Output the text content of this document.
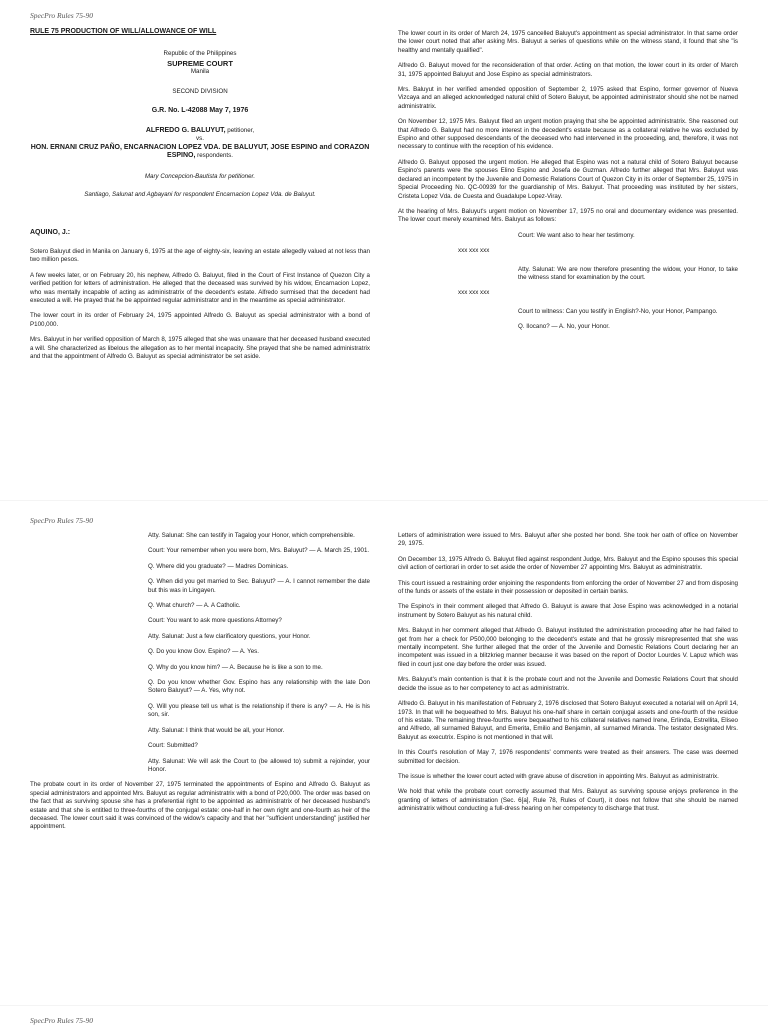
SpecPro Rules 75-90

RULE 75 PRODUCTION OF WILL/ALLOWANCE OF WILL

Republic of the Philippines

SUPREME COURT

Manila

SECOND DIVISION

G.R. No. L-42088 May 7, 1976

ALFREDO G. BALUYUT, petitioner,

vs.

HON. ERNANI CRUZ PAÑO, ENCARNACION LOPEZ VDA. DE BALUYUT, JOSE ESPINO and CORAZON ESPINO, respondents.

Mary Concepcion-Bautista for petitioner.

Santiago, Salunat and Agbayani for respondent Encarnacion Lopez Vda. de Baluyut.

AQUINO, J.:

Sotero Baluyut died in Manila on January 6, 1975 at the age of eighty-six, leaving an estate allegedly valued at not less than two million pesos.

A few weeks later, or on February 20, his nephew, Alfredo G. Baluyut, filed in the Court of First Instance of Quezon City a verified petition for letters of administration. He alleged that the deceased was survived by his widow, Encarnacion Lopez, who was mentally incapable of acting as administratrix of the decedent's estate. Alfredo surmised that the decedent had executed a will. He prayed that he be appointed regular administrator and in the meantime as special administrator.

The lower court in its order of February 24, 1975 appointed Alfredo G. Baluyut as special administrator with a bond of P100,000.

Mrs. Baluyut in her verified opposition of March 8, 1975 alleged that she was unaware that her deceased husband executed a will. She characterized as libelous the allegation as to her mental incapacity. She prayed that she be named administratrix and that the appointment of Alfredo G. Baluyut as special administrator be set aside.

The lower court in its order of March 24, 1975 cancelled Baluyut's appointment as special administrator. In that same order the lower court noted that after asking Mrs. Baluyut a series of questions while on the witness stand, it found that she "is healthy and mentally qualified".

Alfredo G. Baluyut moved for the reconsideration of that order. Acting on that motion, the lower court in its order of March 31, 1975 appointed Baluyut and Jose Espino as special administrators.

Mrs. Baluyut in her verified amended opposition of September 2, 1975 asked that Espino, former governor of Nueva Vizcaya and an alleged acknowledged natural child of Sotero Baluyut, be appointed administrator should she not be named administratrix.

On November 12, 1975 Mrs. Baluyut filed an urgent motion praying that she be appointed administratrix. She reasoned out that Alfredo G. Baluyut had no more interest in the decedent's estate because as a collateral relative he was excluded by Espino and other supposed descendants of the deceased who had intervened in the proceeding, and, therefore, it was not necessary to continue with the reception of his evidence.

Alfredo G. Baluyut opposed the urgent motion. He alleged that Espino was not a natural child of Sotero Baluyut because Espino's parents were the spouses Elino Espino and Josefa de Guzman. Alfredo further alleged that Mrs. Baluyut was declared an incompetent by the Juvenile and Domestic Relations Court of Quezon City in its order of September 25, 1975 in Special Proceeding No. QC-00939 for the guardianship of Mrs. Baluyut. That proceeding was instituted by her sisters, Cristeta Lopez Vda. de Cuesta and Guadalupe Lopez-Viray.

At the hearing of Mrs. Baluyut's urgent motion on November 17, 1975 no oral and documentary evidence was presented. The lower court merely examined Mrs. Baluyut as follows:

Court: We want also to hear her testimony.

xxx xxx xxx

Atty. Salunat: We are now therefore presenting the widow, your Honor, to take the witness stand for examination by the court.

xxx xxx xxx

Court to witness: Can you testify in English?-No, your Honor, Pampango.

Q. Ilocano? — A. No, your Honor.

SpecPro Rules 75-90

Atty. Salunat: She can testify in Tagalog your Honor, which comprehensible.

Court: Your remember when you were born, Mrs. Baluyut? — A. March 25, 1901.

Q. Where did you graduate? — Madres Dominicas.

Q. When did you get married to Sec. Baluyut? — A. I cannot remember the date but this was in Lingayen.

Q. What church? — A. A Catholic.

Court: You want to ask more questions Attorney?

Atty. Salunat: Just a few clarificatory questions, your Honor.

Q. Do you know Gov. Espino? — A. Yes.

Q. Why do you know him? — A. Because he is like a son to me.

Q. Do you know whether Gov. Espino has any relationship with the late Don Sotero Baluyut? — A. Yes, why not.

Q. Will you please tell us what is the relationship if there is any? — A. He is his son, sir.

Atty. Salunat: I think that would be all, your Honor.

Court: Submitted?

Atty. Salunat: We will ask the Court to (be allowed to) submit a rejoinder, your Honor.

The probate court in its order of November 27, 1975 terminated the appointments of Espino and Alfredo G. Baluyut as special administrators and appointed Mrs. Baluyut as regular administratrix with a bond of P20,000. The order was based on the fact that as surviving spouse she has a preferential right to be appointed as administratrix of her deceased husband's estate and that she is entitled to three-fourths of the conjugal estate: one-half in her own right and one-fourth as heir of the deceased. The lower court said it was convinced of the widow's capacity and that her "sufficient understanding" justified her appointment.

Letters of administration were issued to Mrs. Baluyut after she posted her bond. She took her oath of office on November 29, 1975.

On December 13, 1975 Alfredo G. Baluyut filed against respondent Judge, Mrs. Baluyut and the Espino spouses this special civil action of certiorari in order to set aside the order of November 27 appointing Mrs. Baluyut as administratrix.

This court issued a restraining order enjoining the respondents from enforcing the order of November 27 and from disposing of the funds or assets of the estate in their possession or deposited in certain banks.

The Espino's in their comment alleged that Alfredo G. Baluyut is aware that Jose Espino was acknowledged in a notarial instrument by Sotero Baluyut as his natural child.

Mrs. Baluyut in her comment alleged that Alfredo G. Baluyut instituted the administration proceeding after he had failed to get from her a check for P500,000 belonging to the decedent's estate and that he grossly misrepresented that she was mentally incompetent. She further alleged that the order of the Juvenile and Domestic Relations Court declaring her an incompetent was issued in a blitzkrieg manner because it was based on the report of Doctor Lourdes V. Lapuz which was filed in court just one day before the order was issued.

Mrs. Baluyut's main contention is that it is the probate court and not the Juvenile and Domestic Relations Court that should decide the issue as to her competency to act as administratrix.

Alfredo G. Baluyut in his manifestation of February 2, 1976 disclosed that Sotero Baluyut executed a notarial will on April 14, 1973. In that will he bequeathed to Mrs. Baluyut his one-half share in certain conjugal assets and one-fourth of the residue of his estate. The remaining three-fourths were bequeathed to his collateral relatives named Irene, Erlinda, Estrellita, Eliseo and Alfredo, all surnamed Baluyut, and Emerita, Emilio and Benjamin, all surnamed Miranda. The testator designated Mrs. Baluyut as executrix. Espino is not mentioned in that will.

In this Court's resolution of May 7, 1976 respondents' comments were treated as their answers. The case was deemed submitted for decision.

The issue is whether the lower court acted with grave abuse of discretion in appointing Mrs. Baluyut as administratrix.

We hold that while the probate court correctly assumed that Mrs. Baluyut as surviving spouse enjoys preference in the granting of letters of administration (Sec. 6[a], Rule 78, Rules of Court), it does not follow that she should be named administratrix without conducting a full-dress hearing on her competency to discharge that trust.

SpecPro Rules 75-90
